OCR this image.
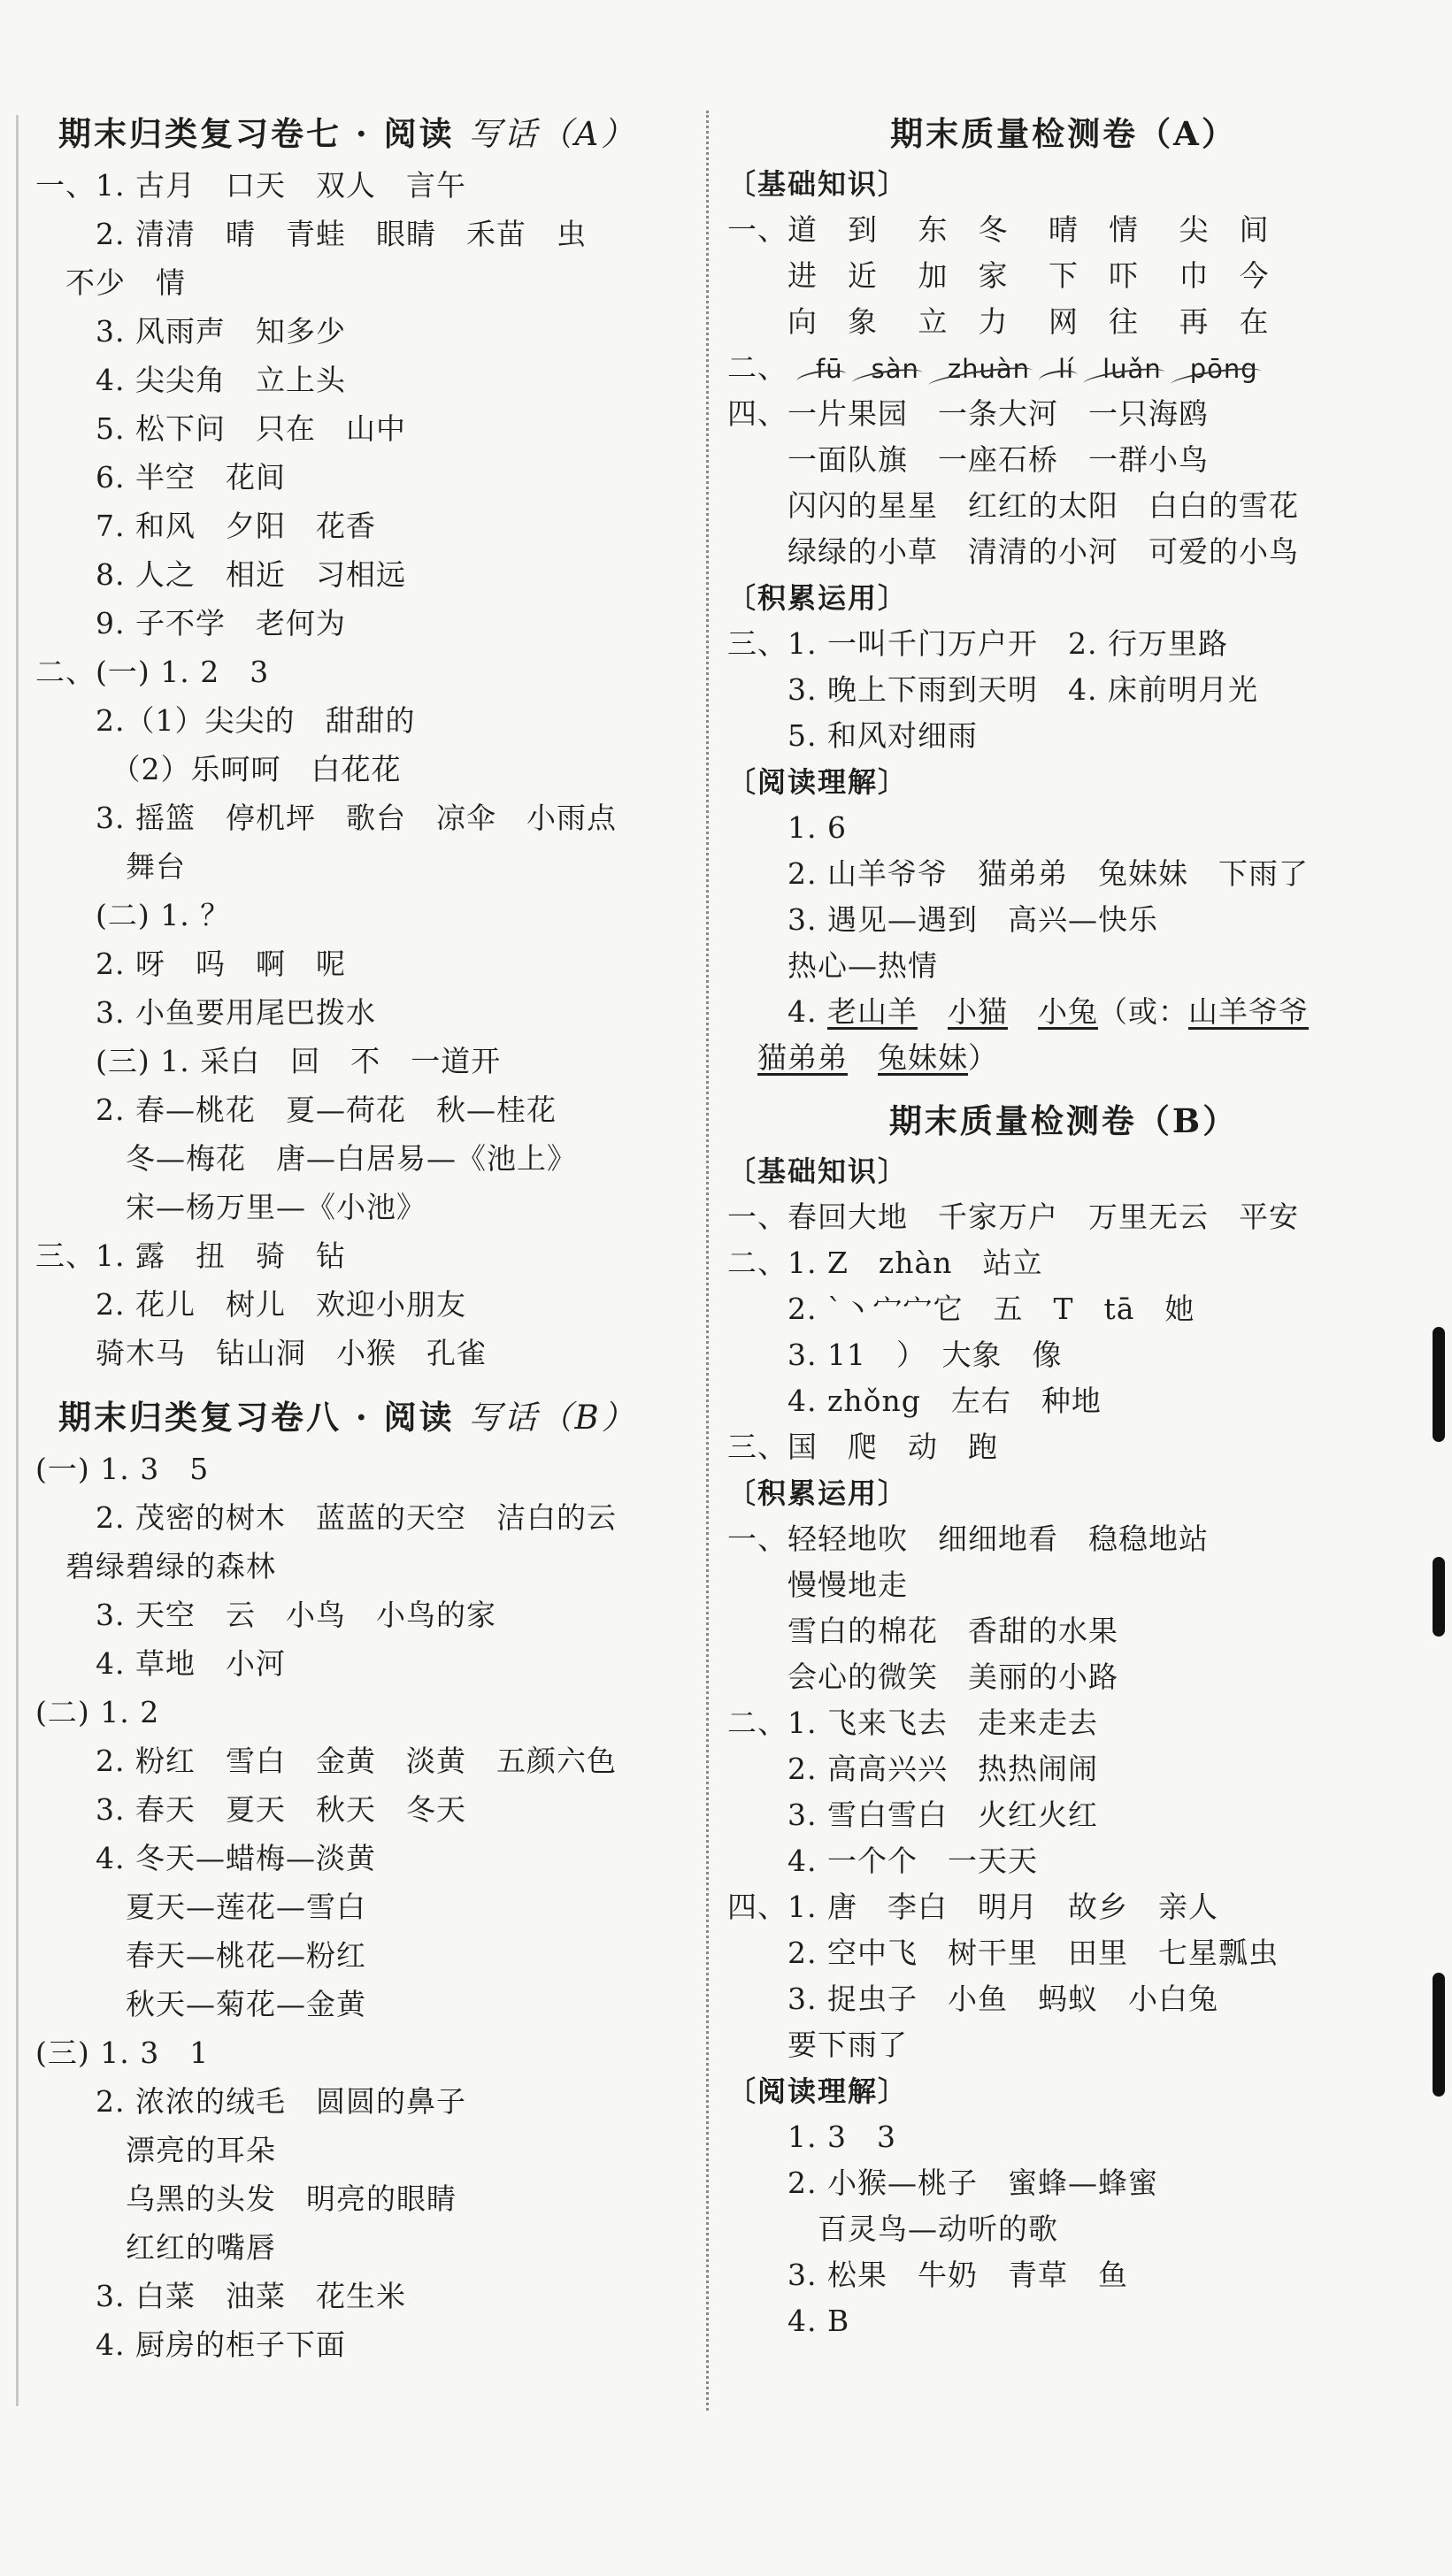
期末归类复习卷七 · 阅读 写话（A）
一、1. 古月　口天　双人　言午
　　2. 清清　晴　青蛙　眼睛　禾苗　虫
　不少　情
　　3. 风雨声　知多少
　　4. 尖尖角　立上头
　　5. 松下问　只在　山中
　　6. 半空　花间
　　7. 和风　夕阳　花香
　　8. 人之　相近　习相远
　　9. 子不学　老何为
二、(一) 1. 2　3
　　2.（1）尖尖的　甜甜的
　　　（2）乐呵呵　白花花
　　3. 摇篮　停机坪　歌台　凉伞　小雨点
　　　舞台
　　(二) 1. ？
　　2. 呀　吗　啊　呢
　　3. 小鱼要用尾巴拨水
　　(三) 1. 采白　回　不　一道开
　　2. 春—桃花　夏—荷花　秋—桂花
　　　冬—梅花　唐—白居易—《池上》
　　　宋—杨万里—《小池》
三、1. 露　扭　骑　钻
　　2. 花儿　树儿　欢迎小朋友
　　骑木马　钻山洞　小猴　孔雀
期末归类复习卷八 · 阅读 写话（B）
(一) 1. 3　5
　　2. 茂密的树木　蓝蓝的天空　洁白的云
　碧绿碧绿的森林
　　3. 天空　云　小鸟　小鸟的家
　　4. 草地　小河
(二) 1. 2
　　2. 粉红　雪白　金黄　淡黄　五颜六色
　　3. 春天　夏天　秋天　冬天
　　4. 冬天—蜡梅—淡黄
　　　夏天—莲花—雪白
　　　春天—桃花—粉红
　　　秋天—菊花—金黄
(三) 1. 3　1
　　2. 浓浓的绒毛　圆圆的鼻子
　　　漂亮的耳朵
　　　乌黑的头发　明亮的眼睛
　　　红红的嘴唇
　　3. 白菜　油菜　花生米
　　4. 厨房的柜子下面
期末质量检测卷（A）
〔基础知识〕
一、道　到　 东　冬　 晴　情　 尖　间
　　进　近　 加　家　 下　吓　 巾　今
　　向　象　 立　力　 网　往　 再　在
二、 fū sàn zhuàn lí luǎn pōng
四、一片果园　一条大河　一只海鸥
　　一面队旗　一座石桥　一群小鸟
　　闪闪的星星　红红的太阳　白白的雪花
　　绿绿的小草　清清的小河　可爱的小鸟
〔积累运用〕
三、1. 一叫千门万户开　2. 行万里路
　　3. 晚上下雨到天明　4. 床前明月光
　　5. 和风对细雨
〔阅读理解〕
　　1. 6
　　2. 山羊爷爷　猫弟弟　兔妹妹　下雨了
　　3. 遇见—遇到　高兴—快乐
　　热心—热情
　　4. 老山羊　 小猫　 小兔（或：山羊爷爷
　猫弟弟　 兔妹妹）
期末质量检测卷（B）
〔基础知识〕
一、春回大地　千家万户　万里无云　平安
二、1. Z　zhàn　站立
　　2. ˋ丶宀宀它　五　T　tā　她
　　3. 11　）　大象　像
　　4. zhǒng　左右　种地
三、国　爬　动　跑
〔积累运用〕
一、轻轻地吹　细细地看　稳稳地站
　　慢慢地走
　　雪白的棉花　香甜的水果
　　会心的微笑　美丽的小路
二、1. 飞来飞去　走来走去
　　2. 高高兴兴　热热闹闹
　　3. 雪白雪白　火红火红
　　4. 一个个　一天天
四、1. 唐　李白　明月　故乡　亲人
　　2. 空中飞　树干里　田里　七星瓢虫
　　3. 捉虫子　小鱼　蚂蚁　小白兔
　　要下雨了
〔阅读理解〕
　　1. 3　3
　　2. 小猴—桃子　蜜蜂—蜂蜜
　　　百灵鸟—动听的歌
　　3. 松果　牛奶　青草　鱼
　　4. B
